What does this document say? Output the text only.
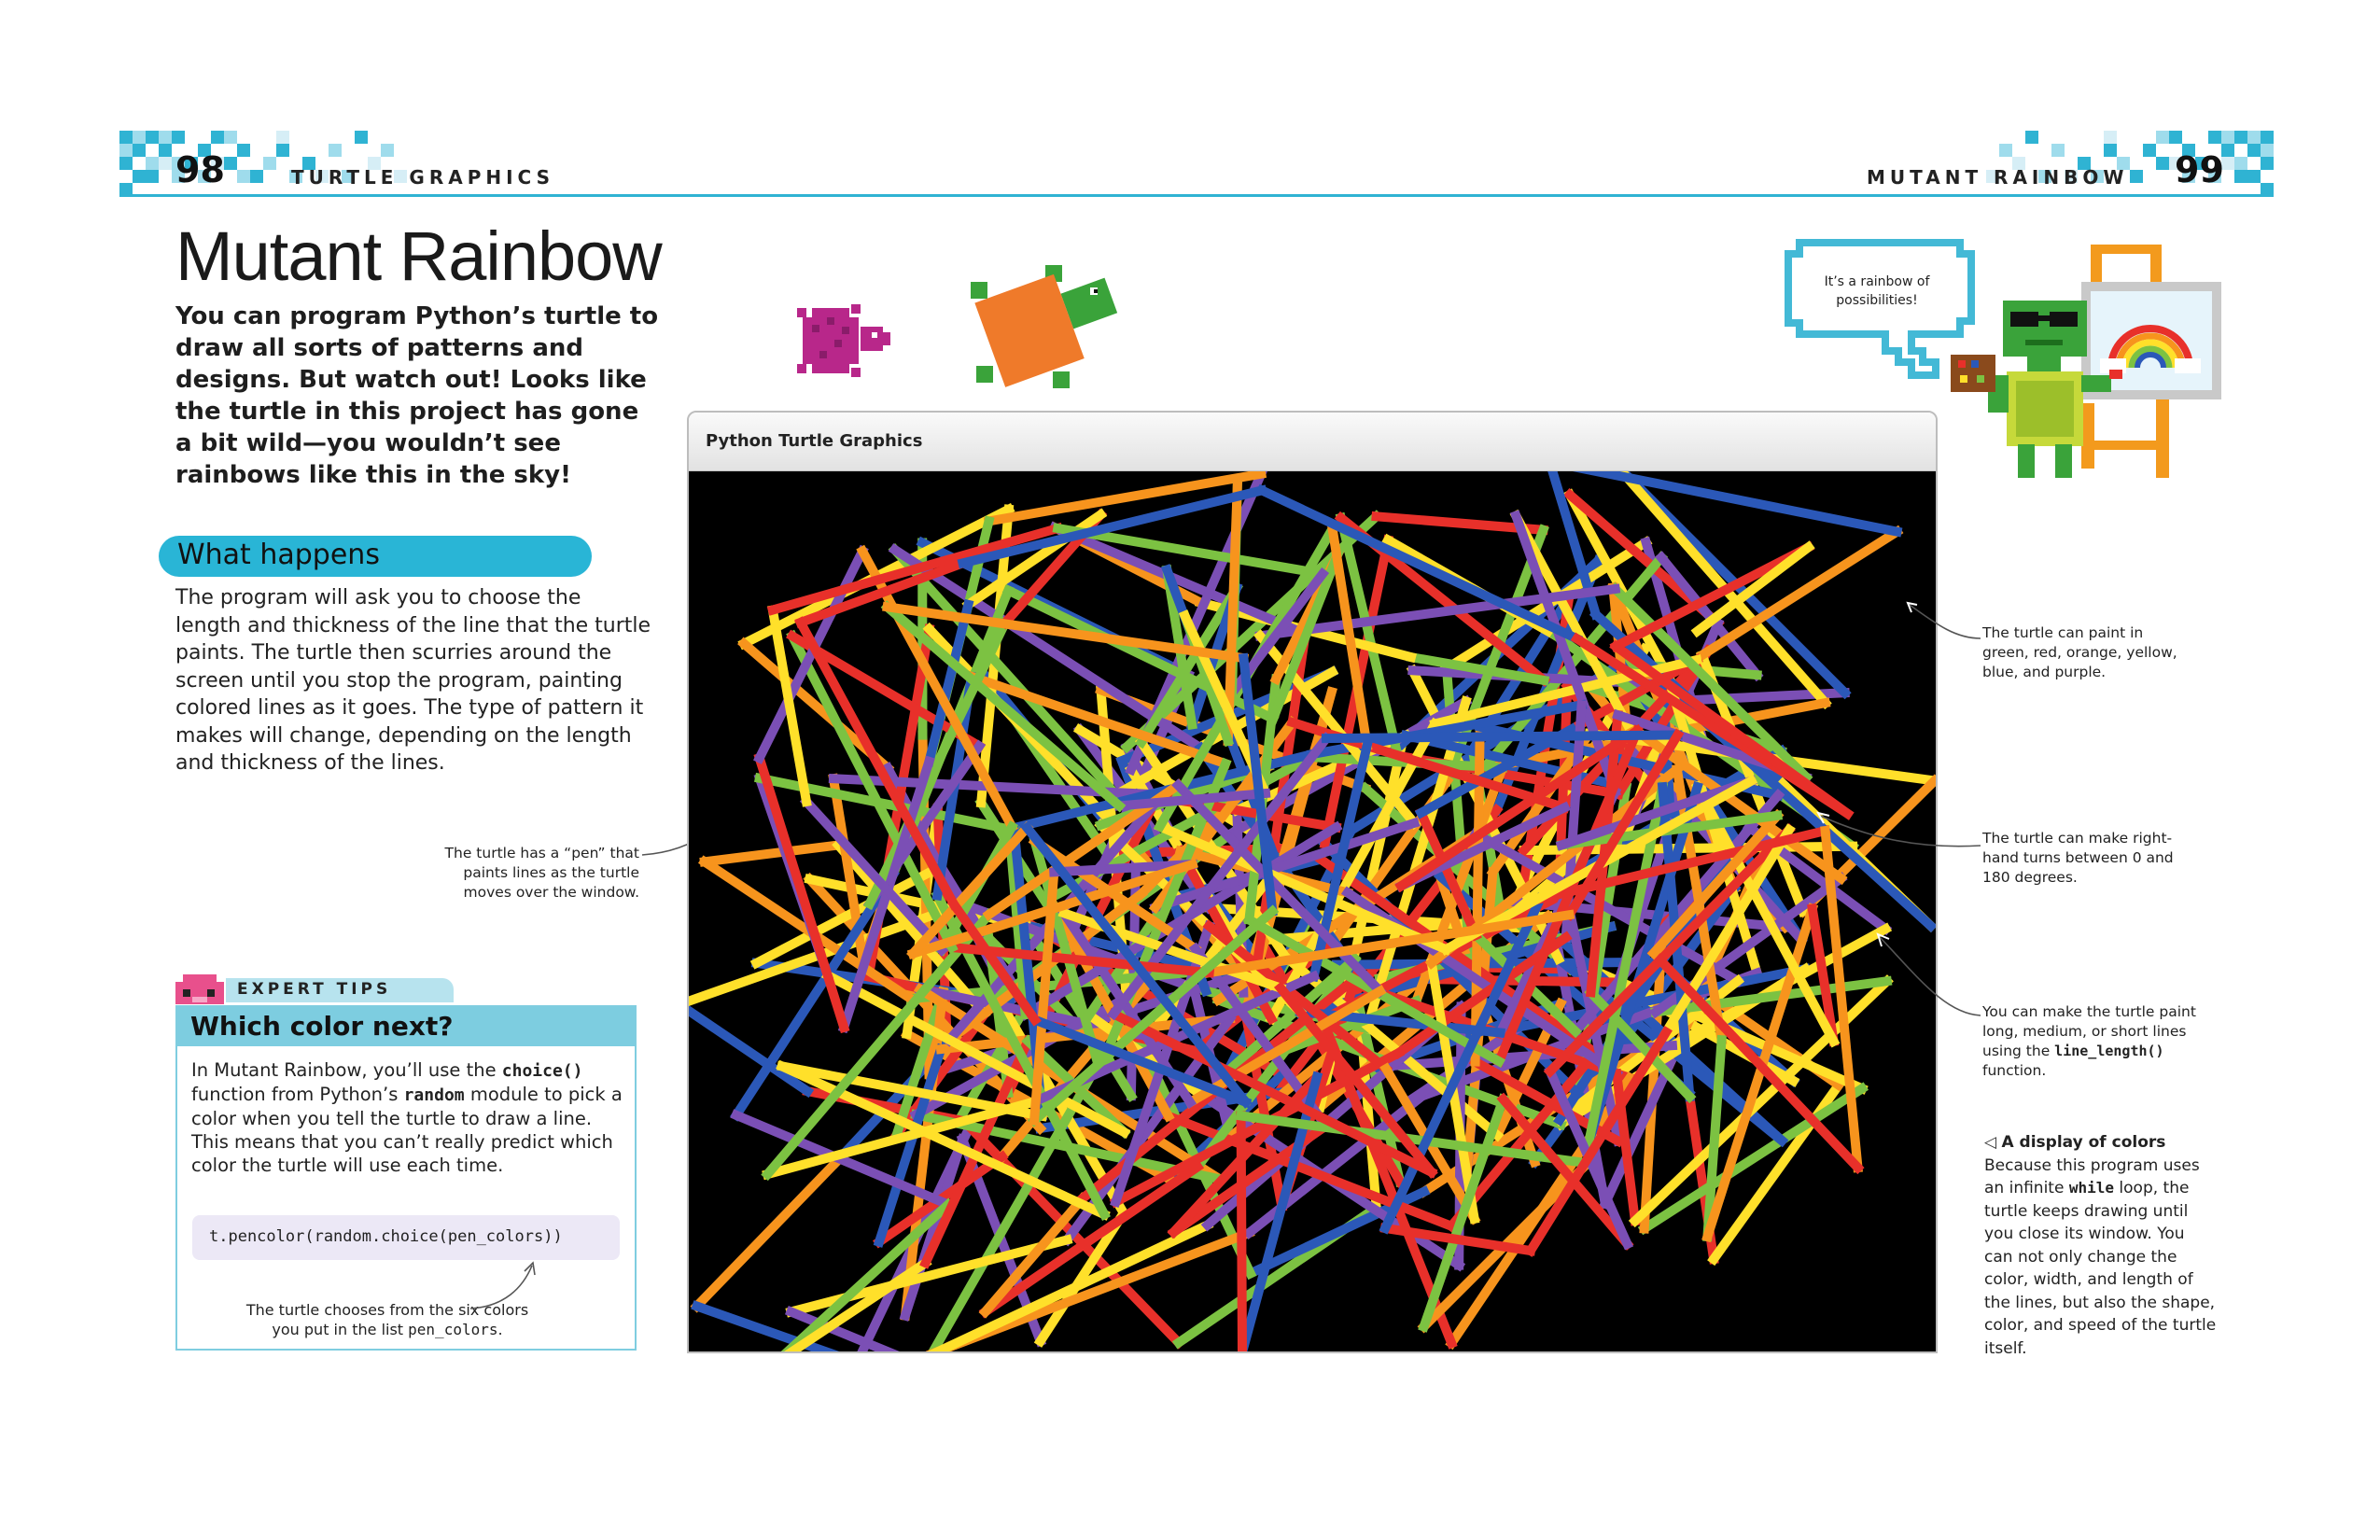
98	TURTLE GRAPHICS	MUTANT RAINBOW 99
Mutant Rainbow
You can program Python’s turtle to draw all sorts of patterns and designs. But watch out! Looks like the turtle in this project has gone a bit wild—you wouldn’t see rainbows like this in the sky!
What happens
The program will ask you to choose the length and thickness of the line that the turtle paints. The turtle then scurries around the screen until you stop the program, painting colored lines as it goes. The type of pattern it makes will change, depending on the length and thickness of the lines.
The turtle has a “pen” that paints lines as the turtle moves over the window.
EXPERT TIPS
Which color next?
In Mutant Rainbow, you’ll use the choice() function from Python’s random module to pick a color when you tell the turtle to draw a line. This means that you can’t really predict which color the turtle will use each time.
t.pencolor(random.choice(pen_colors))
The turtle chooses from the six colors
you put in the list pen_colors.
It’s a rainbow of possibilities!
Python Turtle Graphics
The turtle can paint in green, red, orange, yellow, blue, and purple.
The turtle can make right-hand turns between 0 and 180 degrees.
You can make the turtle paint long, medium, or short lines using the line_length() function.
◁ A display of colors
Because this program uses an infinite while loop, the turtle keeps drawing until you close its window. You can not only change the color, width, and length of the lines, but also the shape, color, and speed of the turtle itself.
